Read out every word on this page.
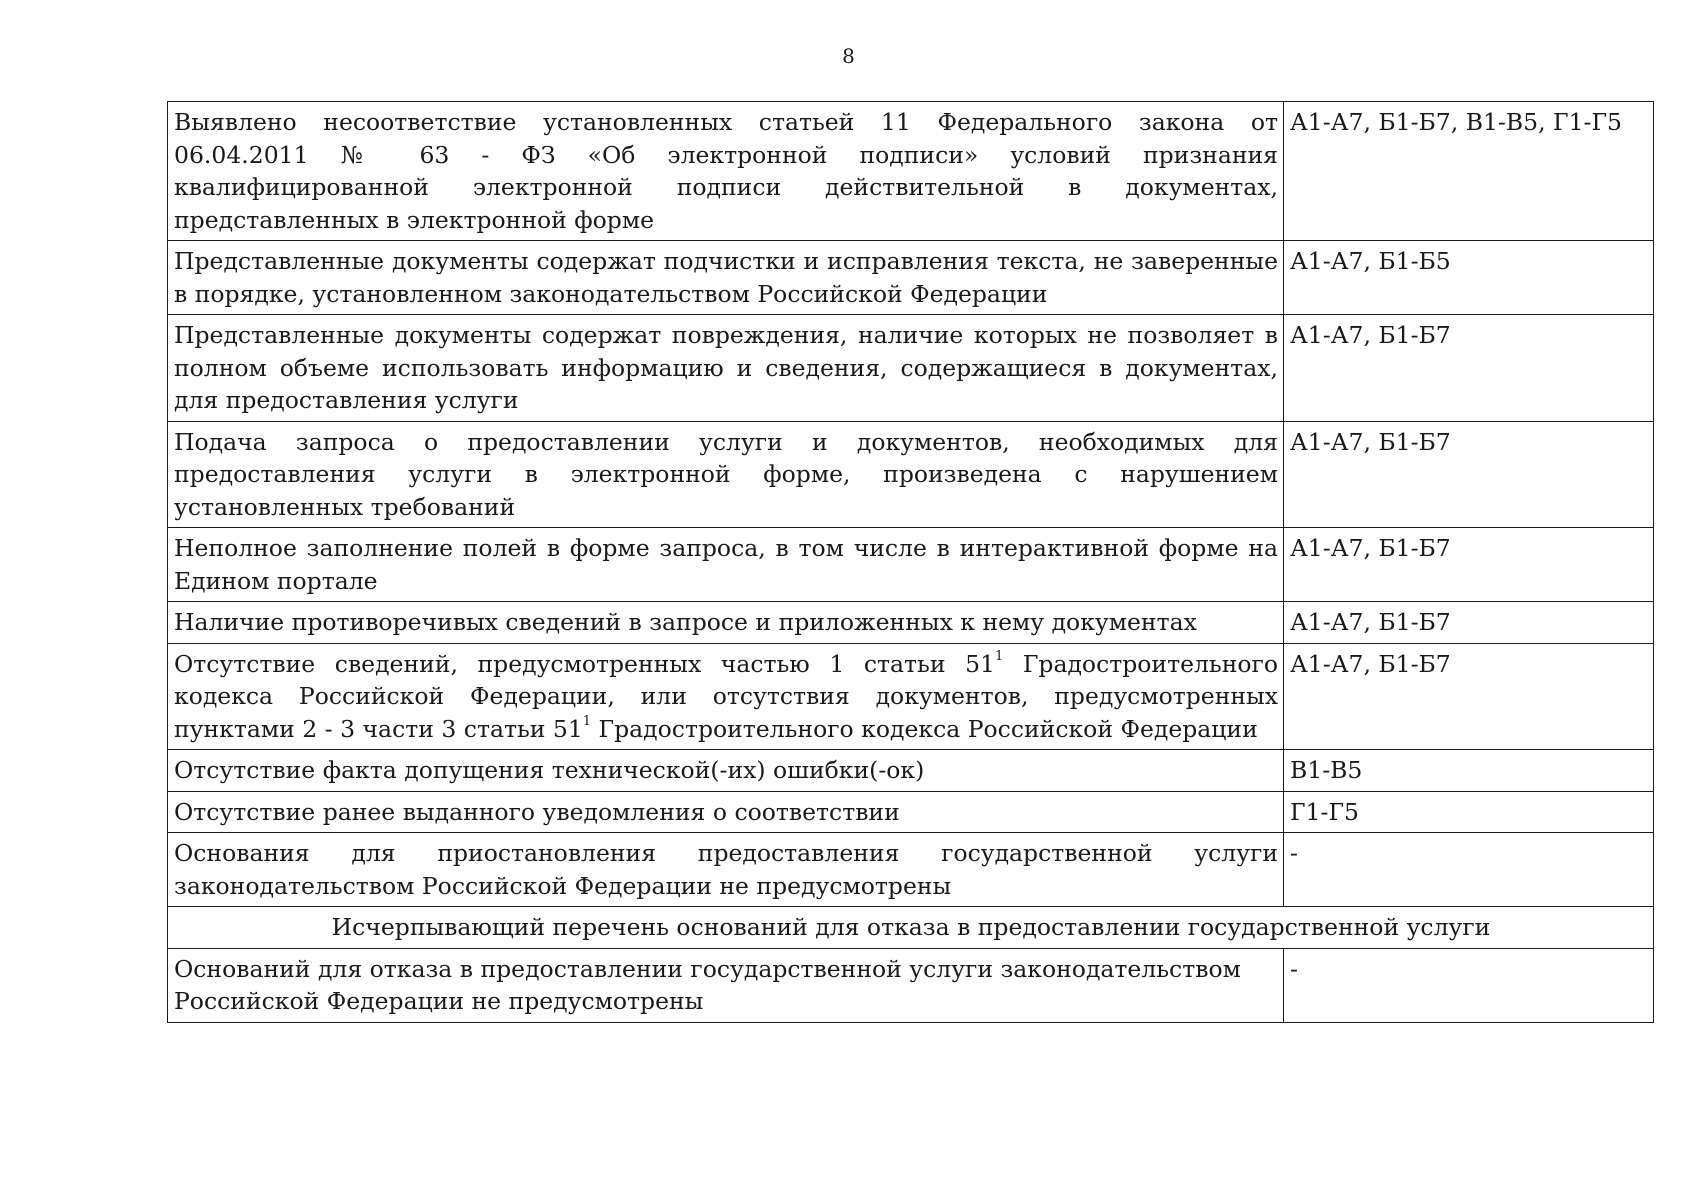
8
Выявлено несоответствие установленных статьей 11 Федерального закона от 06.04.2011 № 63 - ФЗ «Об электронной подписи» условий признания квалифицированной электронной подписи действительной в документах, представленных в электронной форме	А1-А7, Б1-Б7, В1-В5, Г1-Г5
Представленные документы содержат подчистки и исправления текста, не заверенные в порядке, установленном законодательством Российской Федерации	А1-А7, Б1-Б5
Представленные документы содержат повреждения, наличие которых не позволяет в полном объеме использовать информацию и сведения, содержащиеся в документах, для предоставления услуги	А1-А7, Б1-Б7
Подача запроса о предоставлении услуги и документов, необходимых для предоставления услуги в электронной форме, произведена с нарушением установленных требований	А1-А7, Б1-Б7
Неполное заполнение полей в форме запроса, в том числе в интерактивной форме на Едином портале	А1-А7, Б1-Б7
Наличие противоречивых сведений в запросе и приложенных к нему документах	А1-А7, Б1-Б7
Отсутствие сведений, предусмотренных частью 1 статьи $51^1$ Градостроительного кодекса Российской Федерации, или отсутствия документов, предусмотренных пунктами 2 - 3 части 3 статьи $51^1$ Градостроительного кодекса Российской Федерации	А1-А7, Б1-Б7
Отсутствие факта допущения технической(-их) ошибки(-ок)	В1-В5
Отсутствие ранее выданного уведомления о соответствии	Г1-Г5
Основания для приостановления предоставления государственной услуги законодательством Российской Федерации не предусмотрены	-
Исчерпывающий перечень оснований для отказа в предоставлении государственной услуги	
Оснований для отказа в предоставлении государственной услуги законодательством Российской Федерации не предусмотрены	-
